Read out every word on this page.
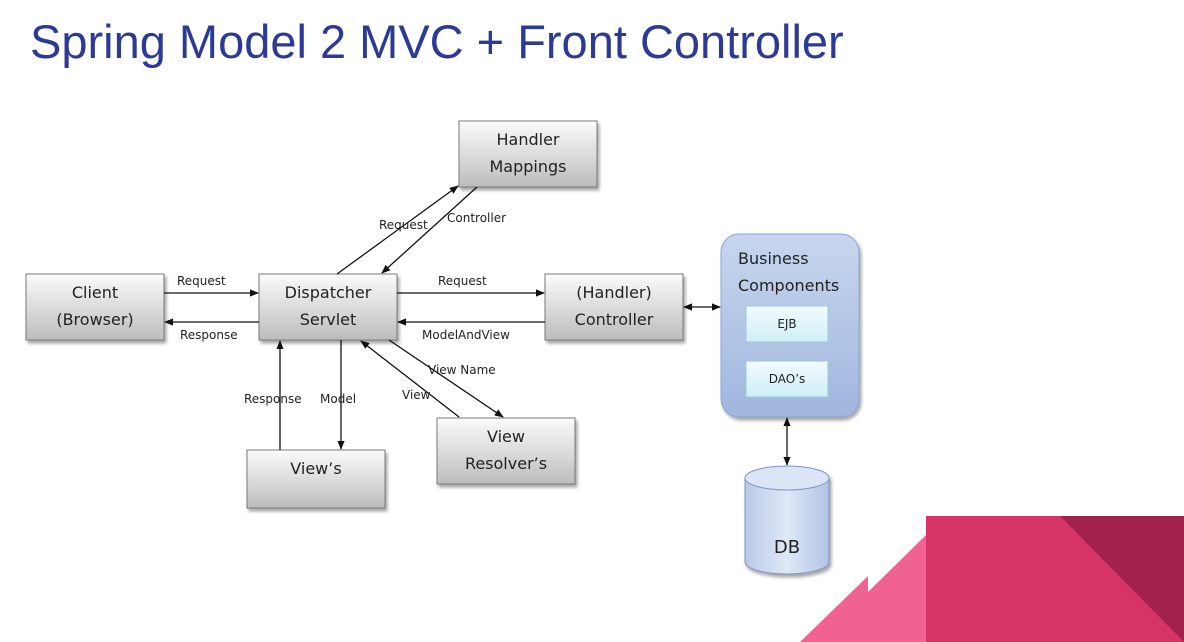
Spring Model 2 MVC + Front Controller
Handler
Mappings
Client
(Browser)
Dispatcher
Servlet
(Handler)
Controller
View’s
View
Resolver’s
Business
Components
EJB
DAO’s
DB
Request Controller
Request
Response
Request
ModelAndView
View Name
View
Response Model
